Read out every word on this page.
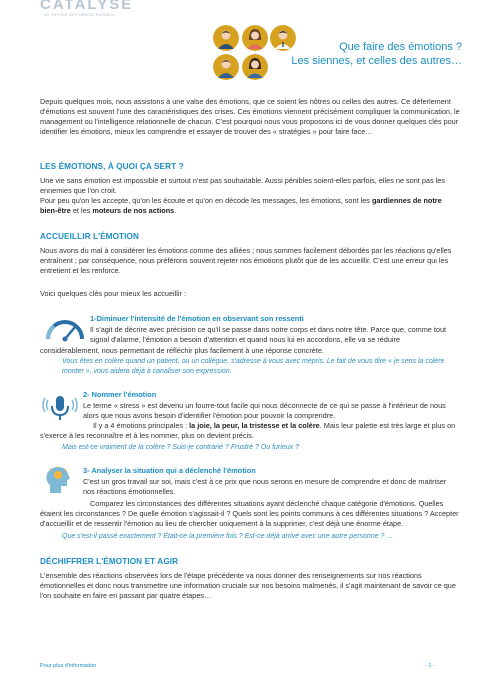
CATALYSE
au service des talents humains
Que faire des émotions ?
Les siennes, et celles des autres…
Depuis quelques mois, nous assistons à une valse des émotions, que ce soient les nôtres ou celles des autres. Ce déferlement d'émotions est souvent l'une des caractéristiques des crises. Ces émotions viennent précisément compliquer la communication, le management ou l'intelligence relationnelle de chacun. C'est pourquoi nous vous proposons ici de vous donner quelques clés pour identifier les émotions, mieux les comprendre et essayer de trouver des « stratégies » pour faire face…
LES ÉMOTIONS, À QUOI ÇA SERT ?
Une vie sans émotion est impossible et surtout n'est pas souhaitable. Aussi pénibles soient-elles parfois, elles ne sont pas les ennemies que l'on croit.
Pour peu qu'on les accepte, qu'on les écoute et qu'on en décode les messages, les émotions, sont les gardiennes de notre bien-être et les moteurs de nos actions.
ACCUEILLIR L'ÉMOTION
Nous avons du mal à considérer les émotions comme des alliées ; nous sommes facilement débordés par les réactions qu'elles entraînent ; par conséquence, nous préférons souvent rejeter nos émotions plutôt que de les accueillir. C'est une erreur qui les entretient et les renforce.
Voici quelques clés pour mieux les accueillir :
1-Diminuer l'intensité de l'émotion en observant son ressenti
Il s'agit de décrire avec précision ce qu'il se passe dans notre corps et dans notre tête. Parce que, comme tout signal d'alarme, l'émotion a besoin d'attention et quand nous lui en accordons, elle va se réduire
considérablement, nous permettant de réfléchir plus facilement à une réponse concrète.
Vous êtes en colère quand un patient, ou un collègue, s'adresse à vous avec mépris. Le fait de vous dire « je sens la colère monter », vous aidera déjà à canaliser son expression.
2- Nommer l'émotion
Le terme « stress » est devenu un fourre-tout facile qui nous déconnecte de ce qui se passe à l'intérieur de nous alors que nous avons besoin d'identifier l'émotion pour pouvoir la comprendre.
Il y a 4 émotions principales : la joie, la peur, la tristesse et la colère. Mais leur palette est très large et plus on s'exerce à les reconnaître et à les nommer, plus on devient précis.
Mais est-ce vraiment de la colère ? Suis-je contrarié ? Frustré ? Ou furieux ?
3- Analyser la situation qui a déclenché l'émotion
C'est un gros travail sur soi, mais c'est à ce prix que nous serons en mesure de comprendre et donc de maitriser nos réactions émotionnelles.
Comparez les circonstances des différentes situations ayant déclenché chaque catégorie d'émotions. Quelles étaient les circonstances ? De quelle émotion s'agissait-il ? Quels sont les points communs à ces différentes situations ? Accepter d'accueillir et de ressentir l'émotion au lieu de chercher uniquement à la supprimer, c'est déjà une énorme étape.
Que s'est-il passé exactement ? Était-ce la première fois ? Est-ce déjà arrivé avec une autre personne ? …
DÉCHIFFRER L'ÉMOTION ET AGIR
L'ensemble des réactions observées lors de l'étape précédente va nous donner des renseignements sur nos réactions émotionnelles et donc nous transmettre une information cruciale sur nos besoins malmenés, il s'agit maintenant de savoir ce que l'on souhaite en faire en passant par quatre étapes…
Pour plus d'information	- 1 -
